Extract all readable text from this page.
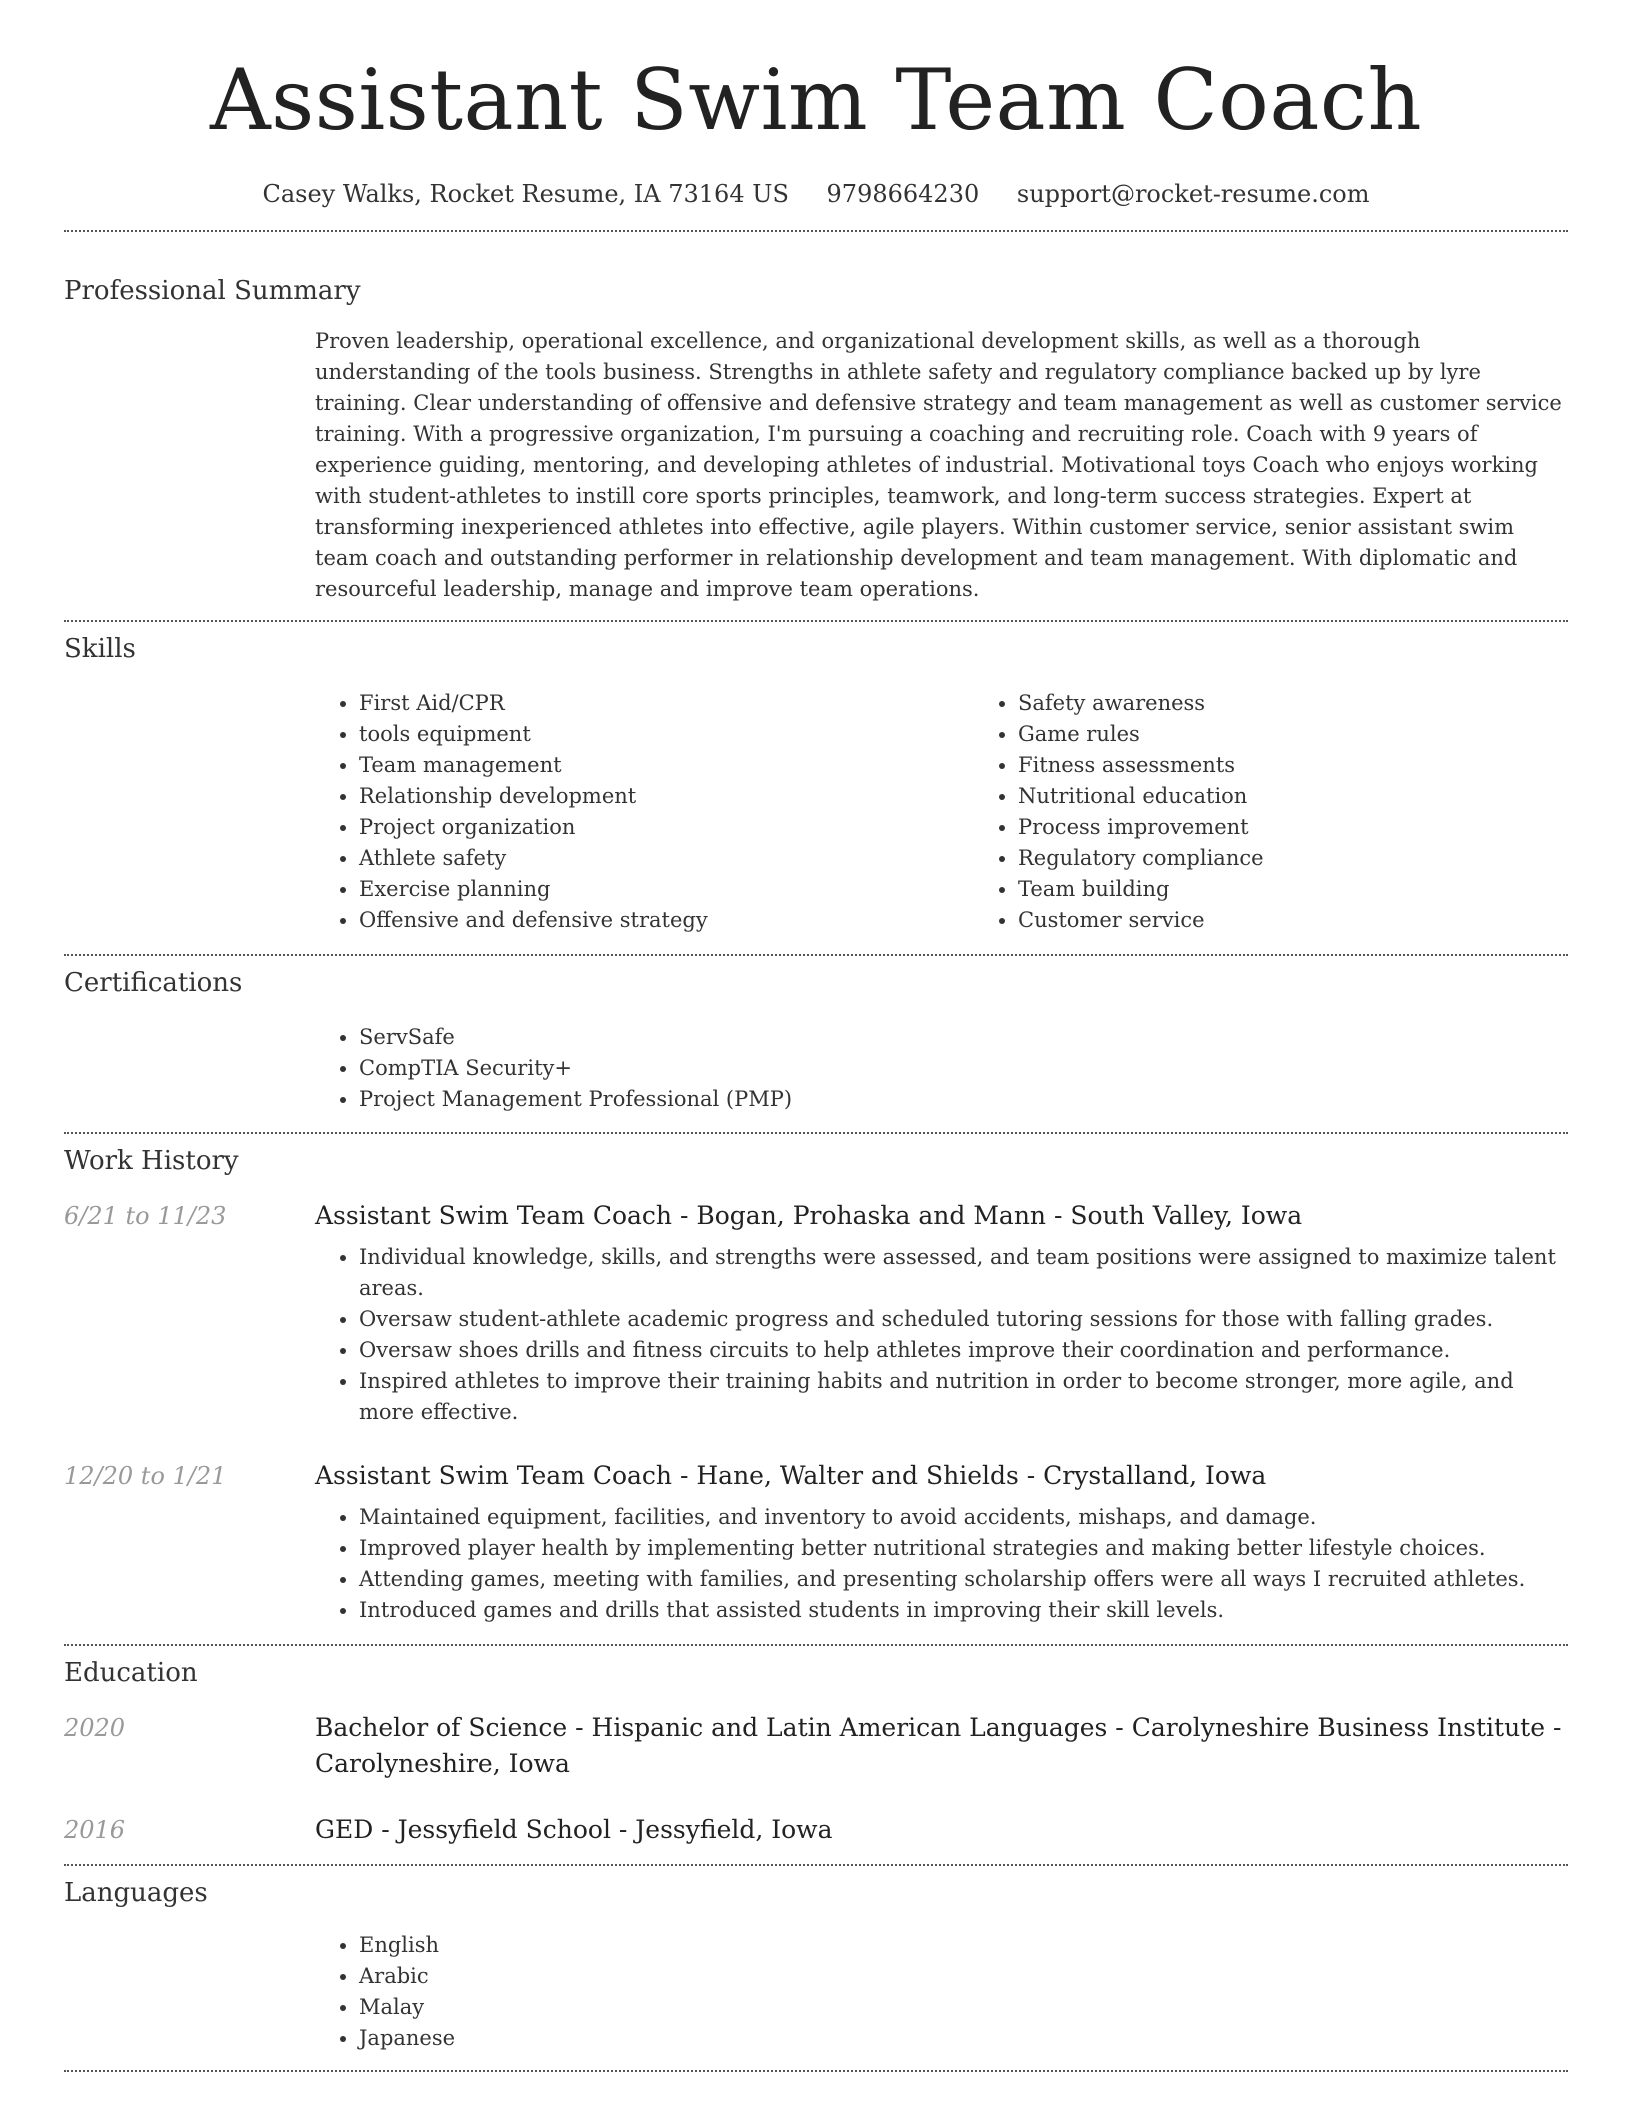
Assistant Swim Team Coach
Casey Walks, Rocket Resume, IA 73164 US 9798664230 support@rocket-resume.com
Professional Summary

Proven leadership, operational excellence, and organizational development skills, as well as a thorough understanding of the tools business. Strengths in athlete safety and regulatory compliance backed up by lyre training. Clear understanding of offensive and defensive strategy and team management as well as customer service training. With a progressive organization, I'm pursuing a coaching and recruiting role. Coach with 9 years of experience guiding, mentoring, and developing athletes of industrial. Motivational toys Coach who enjoys working with student-athletes to instill core sports principles, teamwork, and long-term success strategies. Expert at transforming inexperienced athletes into effective, agile players. Within customer service, senior assistant swim team coach and outstanding performer in relationship development and team management. With diplomatic and resourceful leadership, manage and improve team operations.

Skills
• First Aid/CPR
• tools equipment
• Team management
• Relationship development
• Project organization
• Athlete safety
• Exercise planning
• Offensive and defensive strategy
• Safety awareness
• Game rules
• Fitness assessments
• Nutritional education
• Process improvement
• Regulatory compliance
• Team building
• Customer service
Certifications
• ServSafe
• CompTIA Security+
• Project Management Professional (PMP)
Work History
6/21 to 11/23	Assistant Swim Team Coach - Bogan, Prohaska and Mann - South Valley, Iowa
• Individual knowledge, skills, and strengths were assessed, and team positions were assigned to maximize talent areas.
• Oversaw student-athlete academic progress and scheduled tutoring sessions for those with falling grades.
• Oversaw shoes drills and fitness circuits to help athletes improve their coordination and performance.
• Inspired athletes to improve their training habits and nutrition in order to become stronger, more agile, and more effective.
12/20 to 1/21	Assistant Swim Team Coach - Hane, Walter and Shields - Crystalland, Iowa
• Maintained equipment, facilities, and inventory to avoid accidents, mishaps, and damage.
• Improved player health by implementing better nutritional strategies and making better lifestyle choices.
• Attending games, meeting with families, and presenting scholarship offers were all ways I recruited athletes.
• Introduced games and drills that assisted students in improving their skill levels.
Education
2020	Bachelor of Science - Hispanic and Latin American Languages - Carolyneshire Business Institute - Carolyneshire, Iowa
2016	GED - Jessyfield School - Jessyfield, Iowa
Languages
• English
• Arabic
• Malay
• Japanese
